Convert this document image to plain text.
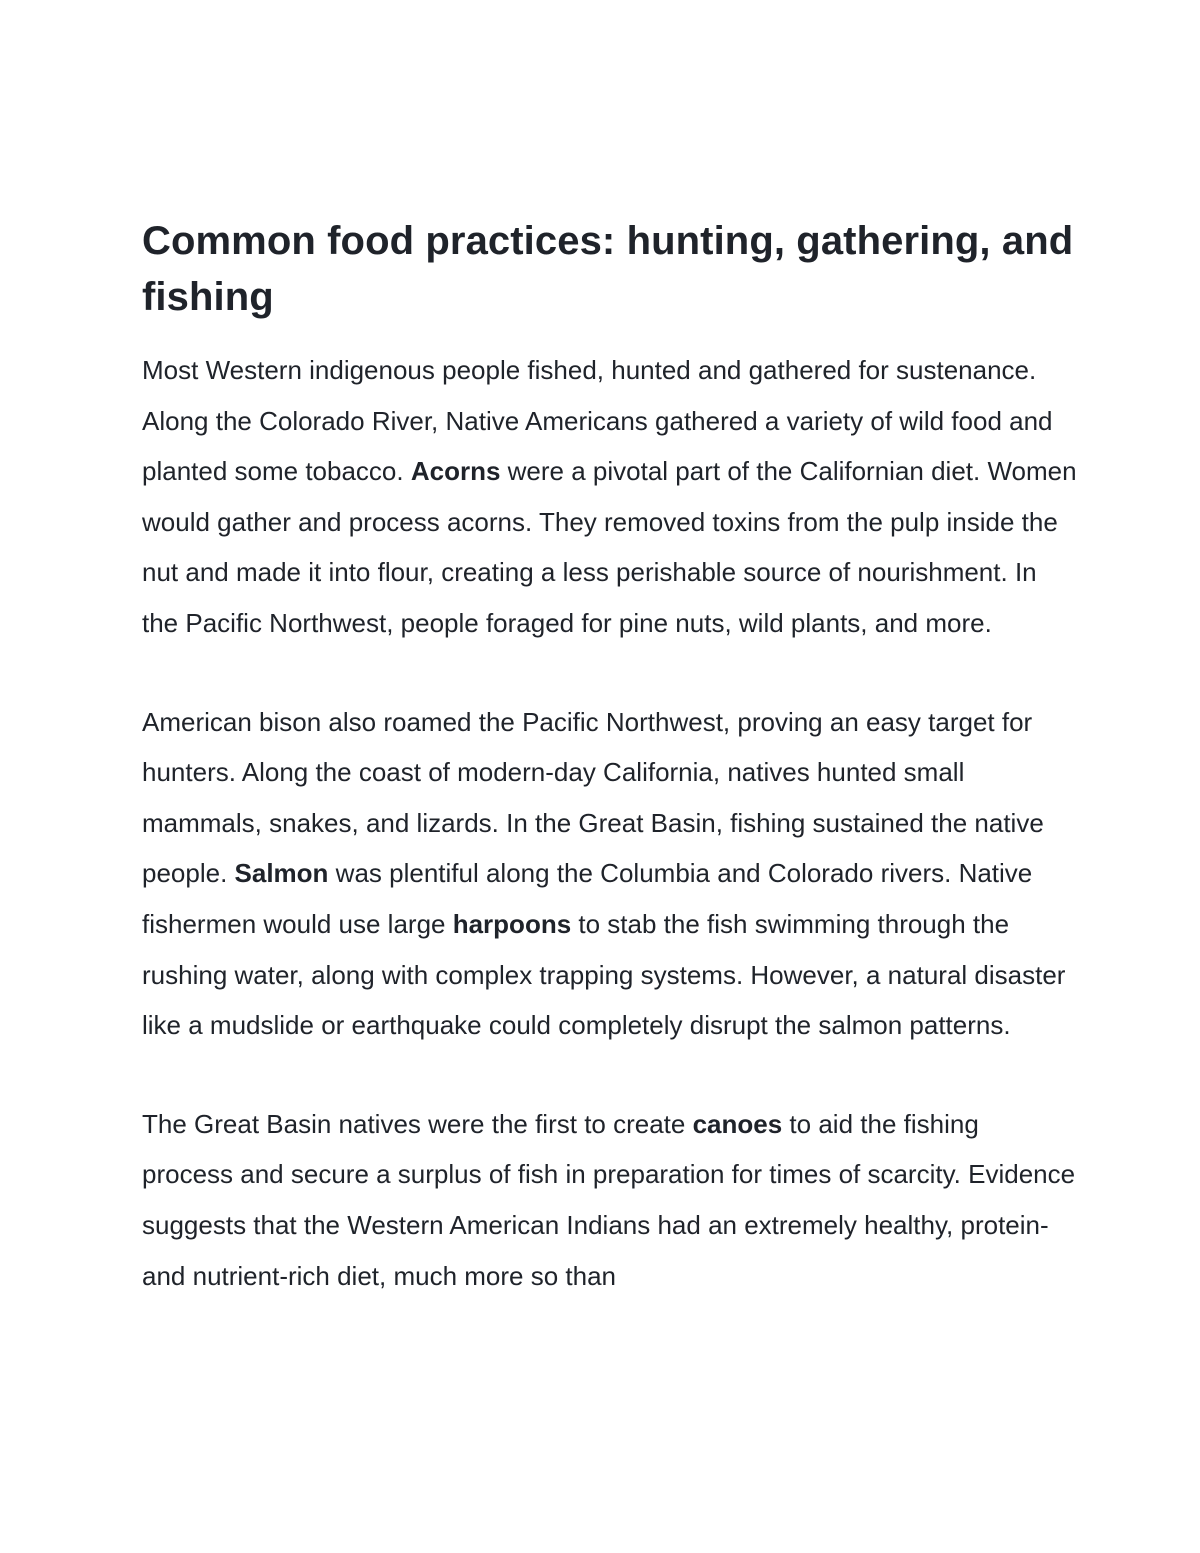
Common food practices: hunting, gathering, and fishing

Most Western indigenous people fished, hunted and gathered for sustenance. Along the Colorado River, Native Americans gathered a variety of wild food and planted some tobacco. Acorns were a pivotal part of the Californian diet. Women would gather and process acorns. They removed toxins from the pulp inside the nut and made it into flour, creating a less perishable source of nourishment. In the Pacific Northwest, people foraged for pine nuts, wild plants, and more.

American bison also roamed the Pacific Northwest, proving an easy target for hunters. Along the coast of modern-day California, natives hunted small mammals, snakes, and lizards. In the Great Basin, fishing sustained the native people. Salmon was plentiful along the Columbia and Colorado rivers. Native fishermen would use large harpoons to stab the fish swimming through the rushing water, along with complex trapping systems. However, a natural disaster like a mudslide or earthquake could completely disrupt the salmon patterns.

The Great Basin natives were the first to create canoes to aid the fishing process and secure a surplus of fish in preparation for times of scarcity. Evidence suggests that the Western American Indians had an extremely healthy, protein- and nutrient-rich diet, much more so than
